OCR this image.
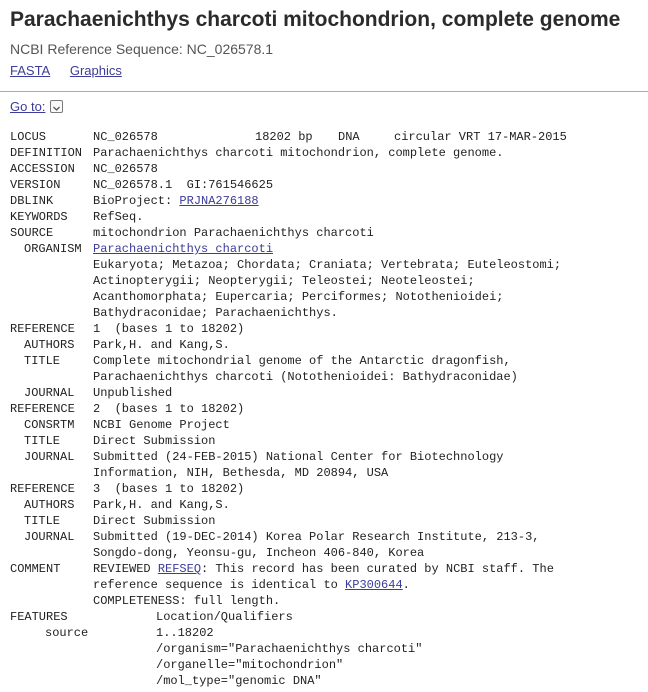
Parachaenichthys charcoti mitochondrion, complete genome
NCBI Reference Sequence: NC_026578.1
FASTA Graphics
Go to:
LOCUS	NC_026578	18202 bp	DNA	circular VRT 17-MAR-2015
DEFINITION Parachaenichthys charcoti mitochondrion, complete genome.
ACCESSION	NC_026578
VERSION	NC_026578.1  GI:761546625
DBLINK	BioProject: PRJNA276188
KEYWORDS	RefSeq.
SOURCE	mitochondrion Parachaenichthys charcoti
ORGANISM Parachaenichthys charcoti
Eukaryota; Metazoa; Chordata; Craniata; Vertebrata; Euteleostomi;
Actinopterygii; Neopterygii; Teleostei; Neoteleostei;
Acanthomorphata; Eupercaria; Perciformes; Notothenioidei;
Bathydraconidae; Parachaenichthys.
REFERENCE	1  (bases 1 to 18202)
AUTHORS	Park,H. and Kang,S.
TITLE	Complete mitochondrial genome of the Antarctic dragonfish,
Parachaenichthys charcoti (Notothenioidei: Bathydraconidae)
JOURNAL	Unpublished
REFERENCE	2  (bases 1 to 18202)
CONSRTM	NCBI Genome Project
TITLE	Direct Submission
JOURNAL	Submitted (24-FEB-2015) National Center for Biotechnology
Information, NIH, Bethesda, MD 20894, USA
REFERENCE	3  (bases 1 to 18202)
AUTHORS	Park,H. and Kang,S.
TITLE	Direct Submission
JOURNAL	Submitted (19-DEC-2014) Korea Polar Research Institute, 213-3,
Songdo-dong, Yeonsu-gu, Incheon 406-840, Korea
COMMENT	REVIEWED REFSEQ : This record has been curated by NCBI staff. The
reference sequence is identical to KP300644 .
COMPLETENESS: full length.
FEATURES	Location/Qualifiers
source	1..18202
/organism="Parachaenichthys charcoti"
/organelle="mitochondrion"
/mol_type="genomic DNA"
